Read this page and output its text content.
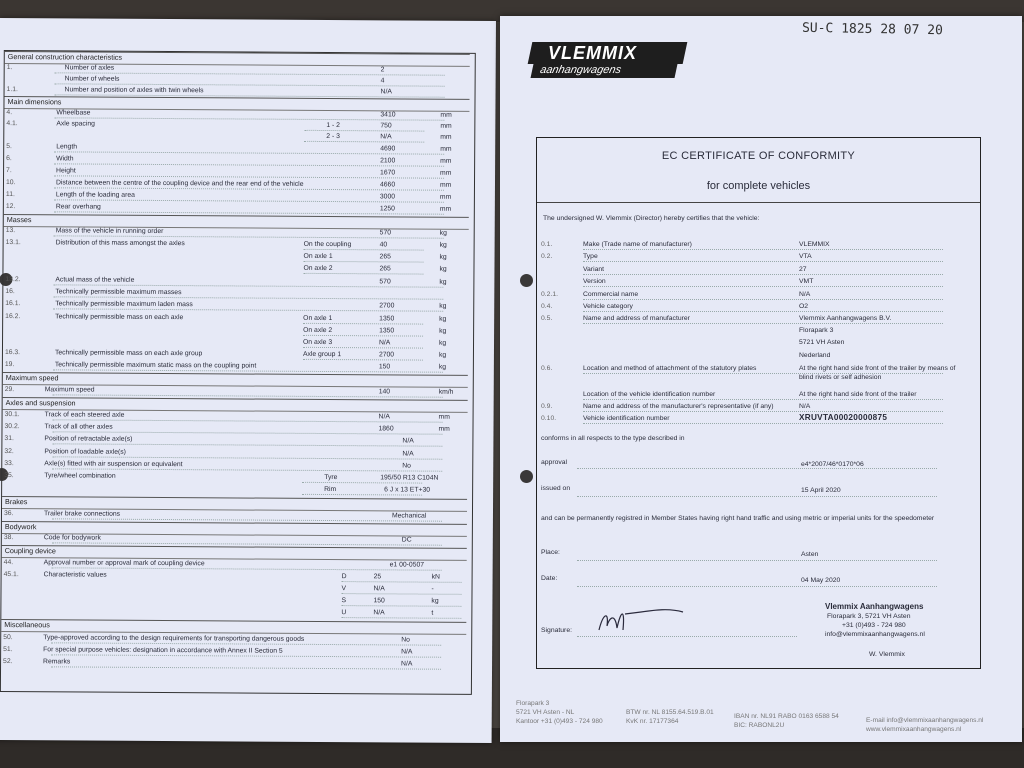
General construction characteristics
1.	Number of axles	2
Number of wheels	4
1.1.	Number and position of axles with twin wheels	N/A
Main dimensions
4.	Wheelbase	3410	mm
4.1.	Axle spacing	1 - 2	750	mm
2 - 3	N/A	mm
5.	Length	4690	mm
6.	Width	2100	mm
7.	Height	1670	mm
10.	Distance between the centre of the coupling device and the rear end of the vehicle	4660	mm
11.	Length of the loading area	3000	mm
12.	Rear overhang	1250	mm
Masses
13.	Mass of the vehicle in running order	570	kg
13.1.	Distribution of this mass amongst the axles	On the coupling	40	kg
On axle 1	265	kg
On axle 2	265	kg
13.2.	Actual mass of the vehicle	570	kg
16.	Technically permissible maximum masses
16.1.	Technically permissible maximum laden mass	2700	kg
16.2.	Technically permissible mass on each axle	On axle 1	1350	kg
On axle 2	1350	kg
On axle 3	N/A	kg
16.3.	Technically permissible mass on each axle group	Axle group 1	2700	kg
19.	Technically permissible maximum static mass on the coupling point	150	kg
Maximum speed
29.	Maximum speed	140	km/h
Axles and suspension
30.1.	Track of each steered axle	N/A	mm
30.2.	Track of all other axles	1860	mm
31.	Position of retractable axle(s)	N/A
32.	Position of loadable axle(s)	N/A
33.	Axle(s) fitted with air suspension or equivalent	No
35.	Tyre/wheel combination	Tyre	195/50 R13 C104N
Rim	6 J x 13 ET+30
Brakes
36.	Trailer brake connections	Mechanical
Bodywork
38.	Code for bodywork	DC
Coupling device
44.	Approval number or approval mark of coupling device	e1 00-0507
45.1.	Characteristic values	D	25	kN
V	N/A	-
S	150	kg
U	N/A	t
Miscellaneous
50.	Type-approved according to the design requirements for transporting dangerous goods	No
51.	For special purpose vehicles: designation in accordance with Annex II Section 5	N/A
52.	Remarks	N/A
SU-C 1825 28 07 20
VLEMMIX
aanhangwagens
EC CERTIFICATE OF CONFORMITY
for complete vehicles
The undersigned W. Vlemmix (Director) hereby certifies that the vehicle:
0.1.	Make (Trade name of manufacturer)	VLEMMIX
0.2.	Type	VTA
Variant	27
Version	VMT
0.2.1.	Commercial name	N/A
0.4.	Vehicle category	O2
0.5.	Name and address of manufacturer	Vlemmix Aanhangwagens B.V.
Florapark 3
5721 VH Asten
Nederland
0.6.	Location and method of attachment of the statutory plates	At the right hand side front of the trailer by means of
blind rivets or self adhesion
Location of the vehicle identification number	At the right hand side front of the trailer
0.9.	Name and address of the manufacturer's representative (if any)	N/A
0.10.	Vehicle identification number	XRUVTA00020000875
conforms in all respects to the type described in
approval	e4*2007/46*0170*06
issued on	15 April 2020
and can be permanently registred in Member States having right hand traffic and using metric or imperial units for the speedometer
Place:	Asten
Date:	04 May 2020
Signature:
Vlemmix Aanhangwagens
Florapark 3, 5721 VH Asten
+31 (0)493 - 724 980
info@vlemmixaanhangwagens.nl
W. Vlemmix
Florapark 3
5721 VH Asten - NL
Kantoor +31 (0)493 - 724 980
BTW nr. NL 8155.64.519.B.01
KvK nr. 17177364
IBAN nr. NL91 RABO 0163 6588 54
BIC: RABONL2U
E-mail info@vlemmixaanhangwagens.nl
www.vlemmixaanhangwagens.nl
